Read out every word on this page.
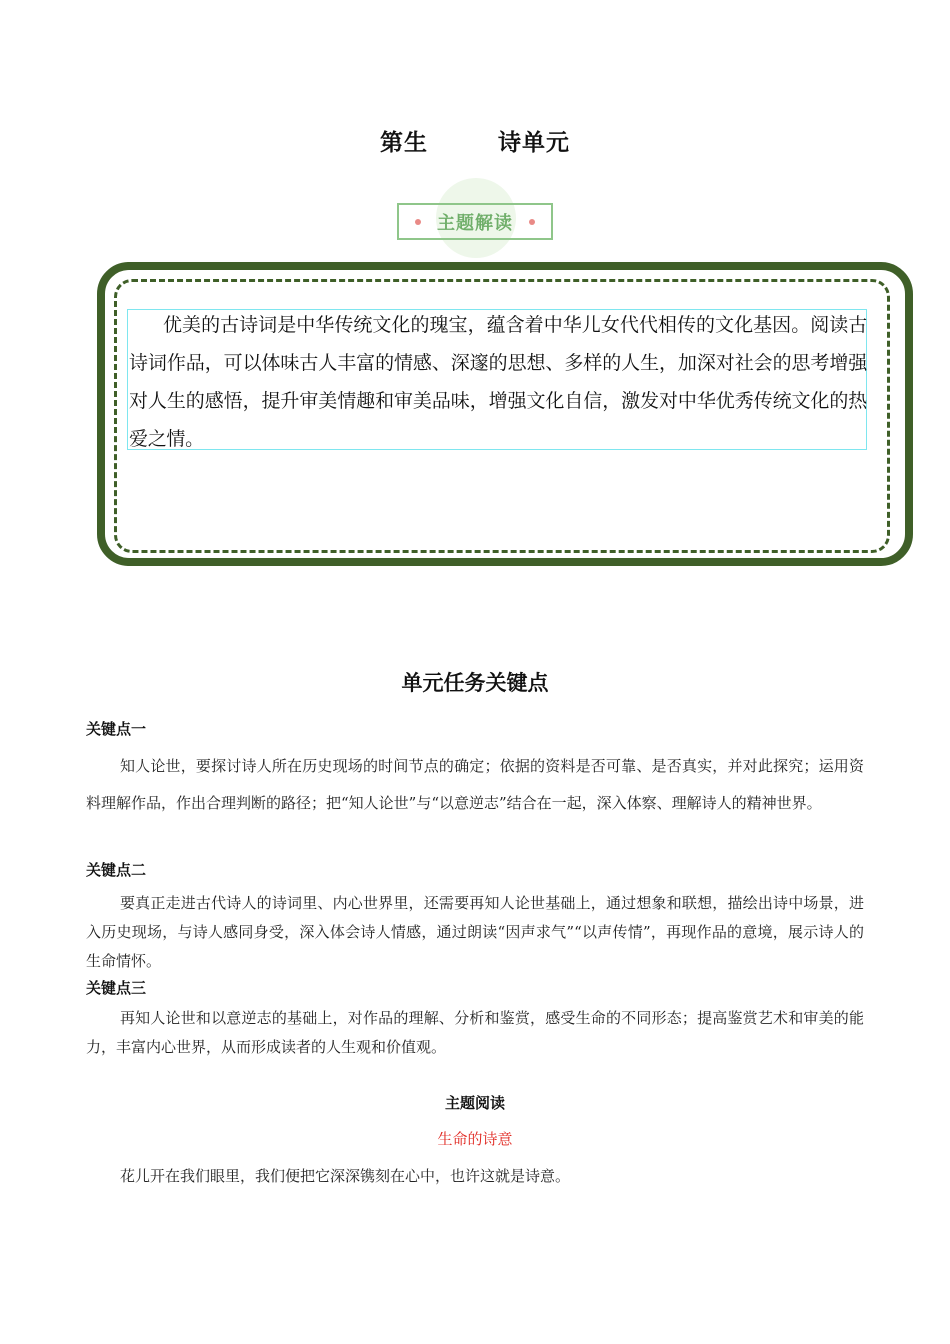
第生	诗单元
主题解读
优美的古诗词是中华传统文化的瑰宝，蕴含着中华儿女代代相传的文化基因。阅读古诗词作品，可以体味古人丰富的情感、深邃的思想、多样的人生，加深对社会的思考增强对人生的感悟，提升审美情趣和审美品味，增强文化自信，激发对中华优秀传统文化的热爱之情。
单元任务关键点
关键点一
知人论世，要探讨诗人所在历史现场的时间节点的确定；依据的资料是否可靠、是否真实，并对此探究；运用资料理解作品，作出合理判断的路径；把“知人论世”与“以意逆志”结合在一起，深入体察、理解诗人的精神世界。
关键点二
要真正走进古代诗人的诗词里、内心世界里，还需要再知人论世基础上，通过想象和联想，描绘出诗中场景，进入历史现场，与诗人感同身受，深入体会诗人情感，通过朗读“因声求气”“以声传情”，再现作品的意境，展示诗人的生命情怀。
关键点三
再知人论世和以意逆志的基础上，对作品的理解、分析和鉴赏，感受生命的不同形态；提高鉴赏艺术和审美的能力，丰富内心世界，从而形成读者的人生观和价值观。
主题阅读
生命的诗意
花儿开在我们眼里，我们便把它深深镌刻在心中，也许这就是诗意。
